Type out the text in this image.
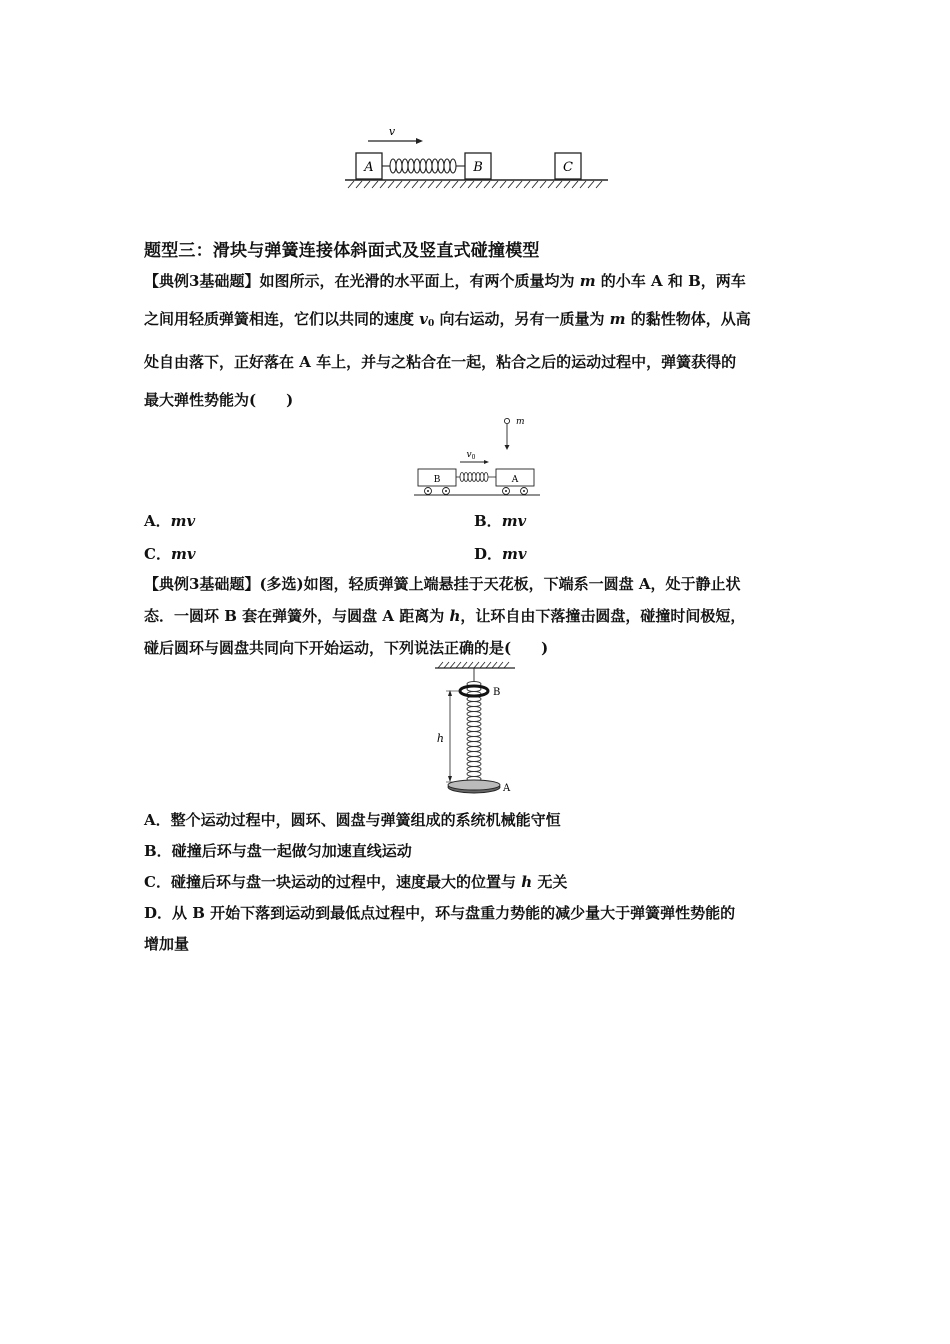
v
A	B	C
题型三：滑块与弹簧连接体斜面式及竖直式碰撞模型
【典例3基础题】如图所示，在光滑的水平面上，有两个质量均为 m 的小车 A 和 B，两车
之间用轻质弹簧相连，它们以共同的速度 $v_0$ 向右运动，另有一质量为 m 的黏性物体，从高
处自由落下，正好落在 A 车上，并与之粘合在一起，粘合之后的运动过程中，弹簧获得的
最大弹性势能为(　　)
m
$v_0$
B	A
A．mv	B．mv
C．mv	D．mv
【典例3基础题】(多选)如图，轻质弹簧上端悬挂于天花板，下端系一圆盘 A，处于静止状
态．一圆环 B 套在弹簧外，与圆盘 A 距离为 h，让环自由下落撞击圆盘，碰撞时间极短，
碰后圆环与圆盘共同向下开始运动，下列说法正确的是(　　)
B
h
A
A．整个运动过程中，圆环、圆盘与弹簧组成的系统机械能守恒
B．碰撞后环与盘一起做匀加速直线运动
C．碰撞后环与盘一块运动的过程中，速度最大的位置与 h 无关
D．从 B 开始下落到运动到最低点过程中，环与盘重力势能的减少量大于弹簧弹性势能的
增加量
